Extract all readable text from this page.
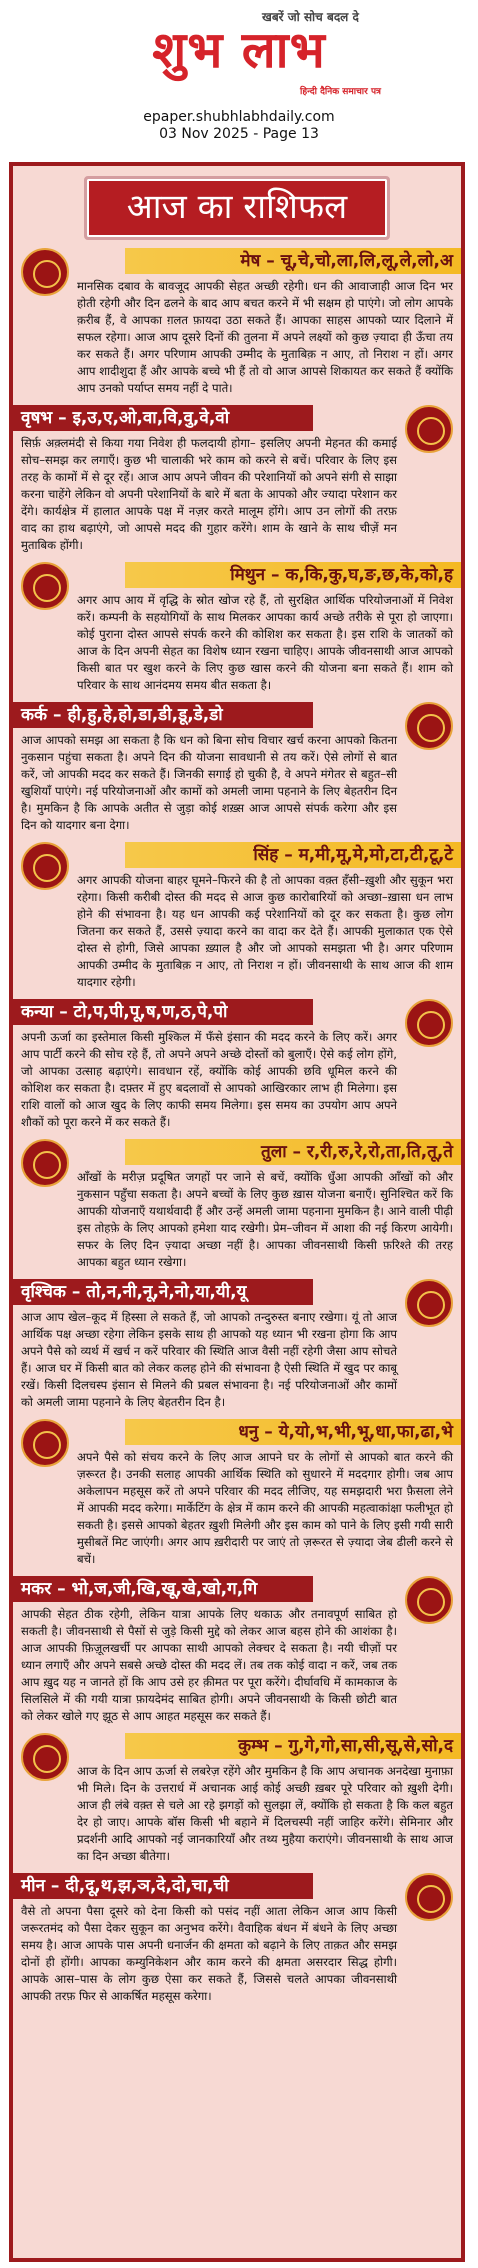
खबरें जो सोच बदल दे
शुभ लाभ
हिन्दी दैनिक समाचार पत्र
epaper.shubhlabhdaily.com
03 Nov 2025 - Page 13
आज का राशिफल
मेष – चू,चे,चो,ला,लि,लू,ले,लो,अ
मानसिक दबाव के बावजूद आपकी सेहत अच्छी रहेगी। धन की आवाजाही आज दिन भर होती रहेगी और दिन ढलने के बाद आप बचत करने में भी सक्षम हो पाएंगे। जो लोग आपके क़रीब हैं, वे आपका ग़लत फ़ायदा उठा सकते हैं। आपका साहस आपको प्यार दिलाने में सफल रहेगा। आज आप दूसरे दिनों की तुलना में अपने लक्ष्यों को कुछ ज़्यादा ही ऊँचा तय कर सकते हैं। अगर परिणाम आपकी उम्मीद के मुताबिक़ न आए, तो निराश न हों। अगर आप शादीशुदा हैं और आपके बच्चे भी हैं तो वो आज आपसे शिकायत कर सकते हैं क्योंकि आप उनको पर्याप्त समय नहीं दे पाते।
वृषभ – इ,उ,ए,ओ,वा,वि,वु,वे,वो
सिर्फ़ अक़्लमंदी से किया गया निवेश ही फलदायी होगा– इसलिए अपनी मेहनत की कमाई सोच–समझ कर लगाएँ। कुछ भी चालाकी भरे काम को करने से बचें। परिवार के लिए इस तरह के कामों में से दूर रहें। आज आप अपने जीवन की परेशानियों को अपने संगी से साझा करना चाहेंगे लेकिन वो अपनी परेशानियों के बारे में बता के आपको और ज्यादा परेशान कर देंगे। कार्यक्षेत्र में हालात आपके पक्ष में नज़र करते मालूम होंगे। आप उन लोगों की तरफ़ वाद का हाथ बढ़ाएंगे, जो आपसे मदद की गुहार करेंगे। शाम के खाने के साथ चीज़ें मन मुताबिक होंगी।
मिथुन – क,कि,कु,घ,ङ,छ,के,को,ह
अगर आप आय में वृद्धि के स्रोत खोज रहे हैं, तो सुरक्षित आर्थिक परियोजनाओं में निवेश करें। कम्पनी के सहयोगियों के साथ मिलकर आपका कार्य अच्छे तरीके से पूरा हो जाएगा। कोई पुराना दोस्त आपसे संपर्क करने की कोशिश कर सकता है। इस राशि के जातकों को आज के दिन अपनी सेहत का विशेष ध्यान रखना चाहिए। आपके जीवनसाथी आज आपको किसी बात पर खुश करने के लिए कुछ खास करने की योजना बना सकते हैं। शाम को परिवार के साथ आनंदमय समय बीत सकता है।
कर्क – ही,हु,हे,हो,डा,डी,डू,डे,डो
आज आपको समझ आ सकता है कि धन को बिना सोच विचार खर्च करना आपको कितना नुकसान पहुंचा सकता है। अपने दिन की योजना सावधानी से तय करें। ऐसे लोगों से बात करें, जो आपकी मदद कर सकते हैं। जिनकी सगाई हो चुकी है, वे अपने मंगेतर से बहुत–सी खुशियाँ पाएंगे। नई परियोजनाओं और कामों को अमली जामा पहनाने के लिए बेहतरीन दिन है। मुमकिन है कि आपके अतीत से जुड़ा कोई शख़्स आज आपसे संपर्क करेगा और इस दिन को यादगार बना देगा।
सिंह – म,मी,मू,मे,मो,टा,टी,टू,टे
अगर आपकी योजना बाहर घूमने–फिरने की है तो आपका वक़्त हँसी–ख़ुशी और सुकून भरा रहेगा। किसी करीबी दोस्त की मदद से आज कुछ कारोबारियों को अच्छा–ख़ासा धन लाभ होने की संभावना है। यह धन आपकी कई परेशानियों को दूर कर सकता है। कुछ लोग जितना कर सकते हैं, उससे ज़्यादा करने का वादा कर देते हैं। आपकी मुलाकात एक ऐसे दोस्त से होगी, जिसे आपका ख़्याल है और जो आपको समझता भी है। अगर परिणाम आपकी उम्मीद के मुताबिक़ न आए, तो निराश न हों। जीवनसाथी के साथ आज की शाम यादगार रहेगी।
कन्या – टो,प,पी,पू,ष,ण,ठ,पे,पो
अपनी ऊर्जा का इस्तेमाल किसी मुश्किल में फँसे इंसान की मदद करने के लिए करें। अगर आप पार्टी करने की सोच रहे हैं, तो अपने अपने अच्छे दोस्तों को बुलाएँ। ऐसे कई लोग होंगे, जो आपका उत्साह बढ़ाएंगे। सावधान रहें, क्योंकि कोई आपकी छवि धूमिल करने की कोशिश कर सकता है। दफ़्तर में हुए बदलावों से आपको आखिरकार लाभ ही मिलेगा। इस राशि वालों को आज खुद के लिए काफी समय मिलेगा। इस समय का उपयोग आप अपने शौकों को पूरा करने में कर सकते हैं।
तुला – र,री,रु,रे,रो,ता,ति,तू,ते
आँखों के मरीज़ प्रदूषित जगहों पर जाने से बचें, क्योंकि धुँआ आपकी आँखों को और नुकसान पहुँचा सकता है। अपने बच्चों के लिए कुछ ख़ास योजना बनाएँ। सुनिश्चित करें कि आपकी योजनाएँ यथार्थवादी हैं और उन्हें अमली जामा पहनाना मुमकिन है। आने वाली पीढ़ी इस तोहफ़े के लिए आपको हमेशा याद रखेगी। प्रेम–जीवन में आशा की नई किरण आयेगी। सफर के लिए दिन ज़्यादा अच्छा नहीं है। आपका जीवनसाथी किसी फ़रिश्ते की तरह आपका बहुत ध्यान रखेगा।
वृश्चिक – तो,न,नी,नू,ने,नो,या,यी,यू
आज आप खेल–कूद में हिस्सा ले सकते हैं, जो आपको तन्दुरुस्त बनाए रखेगा। यूं तो आज आर्थिक पक्ष अच्छा रहेगा लेकिन इसके साथ ही आपको यह ध्यान भी रखना होगा कि आप अपने पैसे को व्यर्थ में खर्च न करें परिवार की स्थिति आज वैसी नहीं रहेगी जैसा आप सोचते हैं। आज घर में किसी बात को लेकर कलह होने की संभावना है ऐसी स्थिति में खुद पर काबू रखें। किसी दिलचस्प इंसान से मिलने की प्रबल संभावना है। नई परियोजनाओं और कामों को अमली जामा पहनाने के लिए बेहतरीन दिन है।
धनु – ये,यो,भ,भी,भू,धा,फा,ढा,भे
अपने पैसे को संचय करने के लिए आज आपने घर के लोगों से आपको बात करने की ज़रूरत है। उनकी सलाह आपकी आर्थिक स्थिति को सुधारने में मददगार होगी। जब आप अकेलापन महसूस करें तो अपने परिवार की मदद लीजिए, यह समझदारी भरा फ़ैसला लेने में आपकी मदद करेगा। मार्केटिंग के क्षेत्र में काम करने की आपकी महत्वाकांक्षा फलीभूत हो सकती है। इससे आपको बेहतर ख़ुशी मिलेगी और इस काम को पाने के लिए इसी गयी सारी मुसीबतें मिट जाएंगी। अगर आप ख़रीदारी पर जाएं तो ज़रूरत से ज़्यादा जेब ढीली करने से बचें।
मकर – भो,ज,जी,खि,खू,खे,खो,ग,गि
आपकी सेहत ठीक रहेगी, लेकिन यात्रा आपके लिए थकाऊ और तनावपूर्ण साबित हो सकती है। जीवनसाथी से पैसों से जुड़े किसी मुद्दे को लेकर आज बहस होने की आशंका है। आज आपकी फ़िज़ूलखर्ची पर आपका साथी आपको लेक्चर दे सकता है। नयी चीज़ों पर ध्यान लगाएँ और अपने सबसे अच्छे दोस्त की मदद लें। तब तक कोई वादा न करें, जब तक आप ख़ुद यह न जानते हों कि आप उसे हर क़ीमत पर पूरा करेंगे। दीर्घावधि में कामकाज के सिलसिले में की गयी यात्रा फ़ायदेमंद साबित होगी। अपने जीवनसाथी के किसी छोटी बात को लेकर खोले गए झूठ से आप आहत महसूस कर सकते हैं।
कुम्भ – गु,गे,गो,सा,सी,सू,से,सो,द
आज के दिन आप ऊर्जा से लबरेज़ रहेंगे और मुमकिन है कि आप अचानक अनदेखा मुनाफ़ा भी मिले। दिन के उत्तरार्ध में अचानक आई कोई अच्छी ख़बर पूरे परिवार को ख़ुशी देगी। आज ही लंबे वक़्त से चले आ रहे झगड़ों को सुलझा लें, क्योंकि हो सकता है कि कल बहुत देर हो जाए। आपके बॉस किसी भी बहाने में दिलचस्पी नहीं जाहिर करेंगे। सेमिनार और प्रदर्शनी आदि आपको नई जानकारियाँ और तथ्य मुहैया कराएंगे। जीवनसाथी के साथ आज का दिन अच्छा बीतेगा।
मीन – दी,दू,थ,झ,ञ,दे,दो,चा,ची
वैसे तो अपना पैसा दूसरे को देना किसी को पसंद नहीं आता लेकिन आज आप किसी जरूरतमंद को पैसा देकर सुकून का अनुभव करेंगे। वैवाहिक बंधन में बंधने के लिए अच्छा समय है। आज आपके पास अपनी धनार्जन की क्षमता को बढ़ाने के लिए ताक़त और समझ दोनों ही होंगी। आपका कम्युनिकेशन और काम करने की क्षमता असरदार सिद्ध होगी। आपके आस–पास के लोग कुछ ऐसा कर सकते हैं, जिससे चलते आपका जीवनसाथी आपकी तरफ़ फिर से आकर्षित महसूस करेगा।
